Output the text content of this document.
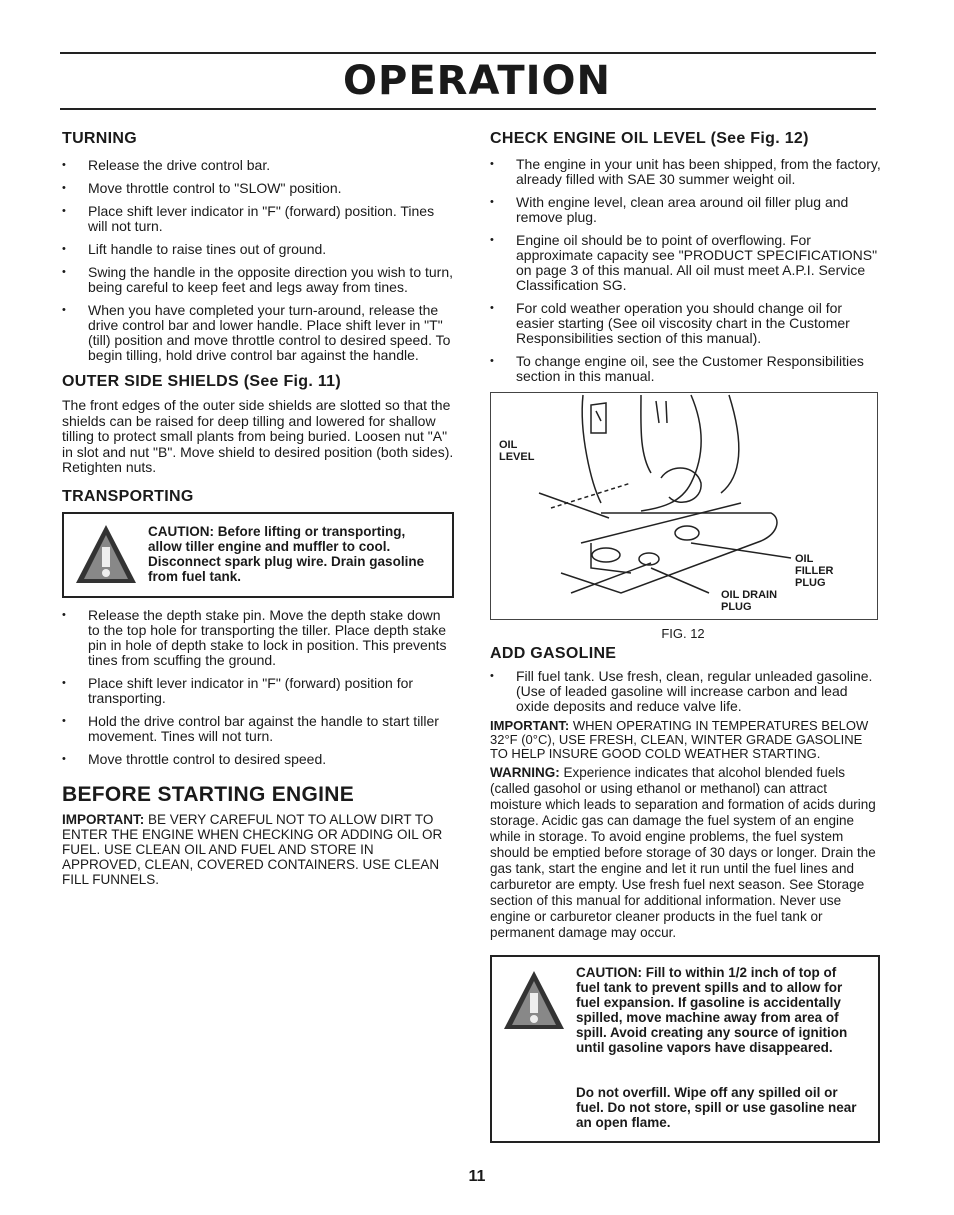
OPERATION
TURNING
• Release the drive control bar.
• Move throttle control to "SLOW" position.
• Place shift lever indicator in "F" (forward) position. Tines will not turn.
• Lift handle to raise tines out of ground.
• Swing the handle in the opposite direction you wish to turn, being careful to keep feet and legs away from tines.
• When you have completed your turn-around, release the drive control bar and lower handle. Place shift lever in "T" (till) position and move throttle control to desired speed. To begin tilling, hold drive control bar against the handle.
OUTER SIDE SHIELDS (See Fig. 11)

The front edges of the outer side shields are slotted so that the shields can be raised for deep tilling and lowered for shallow tilling to protect small plants from being buried. Loosen nut "A" in slot and nut "B". Move shield to desired position (both sides). Retighten nuts.

TRANSPORTING
CAUTION: Before lifting or transporting, allow tiller engine and muffler to cool. Disconnect spark plug wire. Drain gasoline from fuel tank.
• Release the depth stake pin. Move the depth stake down to the top hole for transporting the tiller. Place depth stake pin in hole of depth stake to lock in position. This prevents tines from scuffing the ground.
• Place shift lever indicator in "F" (forward) position for transporting.
• Hold the drive control bar against the handle to start tiller movement. Tines will not turn.
• Move throttle control to desired speed.
BEFORE STARTING ENGINE

IMPORTANT: BE VERY CAREFUL NOT TO ALLOW DIRT TO ENTER THE ENGINE WHEN CHECKING OR ADDING OIL OR FUEL. USE CLEAN OIL AND FUEL AND STORE IN APPROVED, CLEAN, COVERED CONTAINERS. USE CLEAN FILL FUNNELS.

CHECK ENGINE OIL LEVEL (See Fig. 12)
• The engine in your unit has been shipped, from the factory, already filled with SAE 30 summer weight oil.
• With engine level, clean area around oil filler plug and remove plug.
• Engine oil should be to point of overflowing. For approximate capacity see "PRODUCT SPECIFICATIONS" on page 3 of this manual. All oil must meet A.P.I. Service Classification SG.
• For cold weather operation you should change oil for easier starting (See oil viscosity chart in the Customer Responsibilities section of this manual).
• To change engine oil, see the Customer Responsibilities section in this manual.
OIL
LEVEL
OIL
FILLER
PLUG
OIL DRAIN
PLUG
FIG. 12
ADD GASOLINE
• Fill fuel tank. Use fresh, clean, regular unleaded gasoline. (Use of leaded gasoline will increase carbon and lead oxide deposits and reduce valve life.

IMPORTANT: WHEN OPERATING IN TEMPERATURES BELOW 32°F (0°C), USE FRESH, CLEAN, WINTER GRADE GASOLINE TO HELP INSURE GOOD COLD WEATHER STARTING.

WARNING: Experience indicates that alcohol blended fuels (called gasohol or using ethanol or methanol) can attract moisture which leads to separation and formation of acids during storage. Acidic gas can damage the fuel system of an engine while in storage. To avoid engine problems, the fuel system should be emptied before storage of 30 days or longer. Drain the gas tank, start the engine and let it run until the fuel lines and carburetor are empty. Use fresh fuel next season. See Storage section of this manual for additional information. Never use engine or carburetor cleaner products in the fuel tank or permanent damage may occur.

CAUTION: Fill to within 1/2 inch of top of fuel tank to prevent spills and to allow for fuel expansion. If gasoline is accidentally spilled, move machine away from area of spill. Avoid creating any source of ignition until gasoline vapors have disappeared.
Do not overfill. Wipe off any spilled oil or fuel. Do not store, spill or use gasoline near an open flame.
11
